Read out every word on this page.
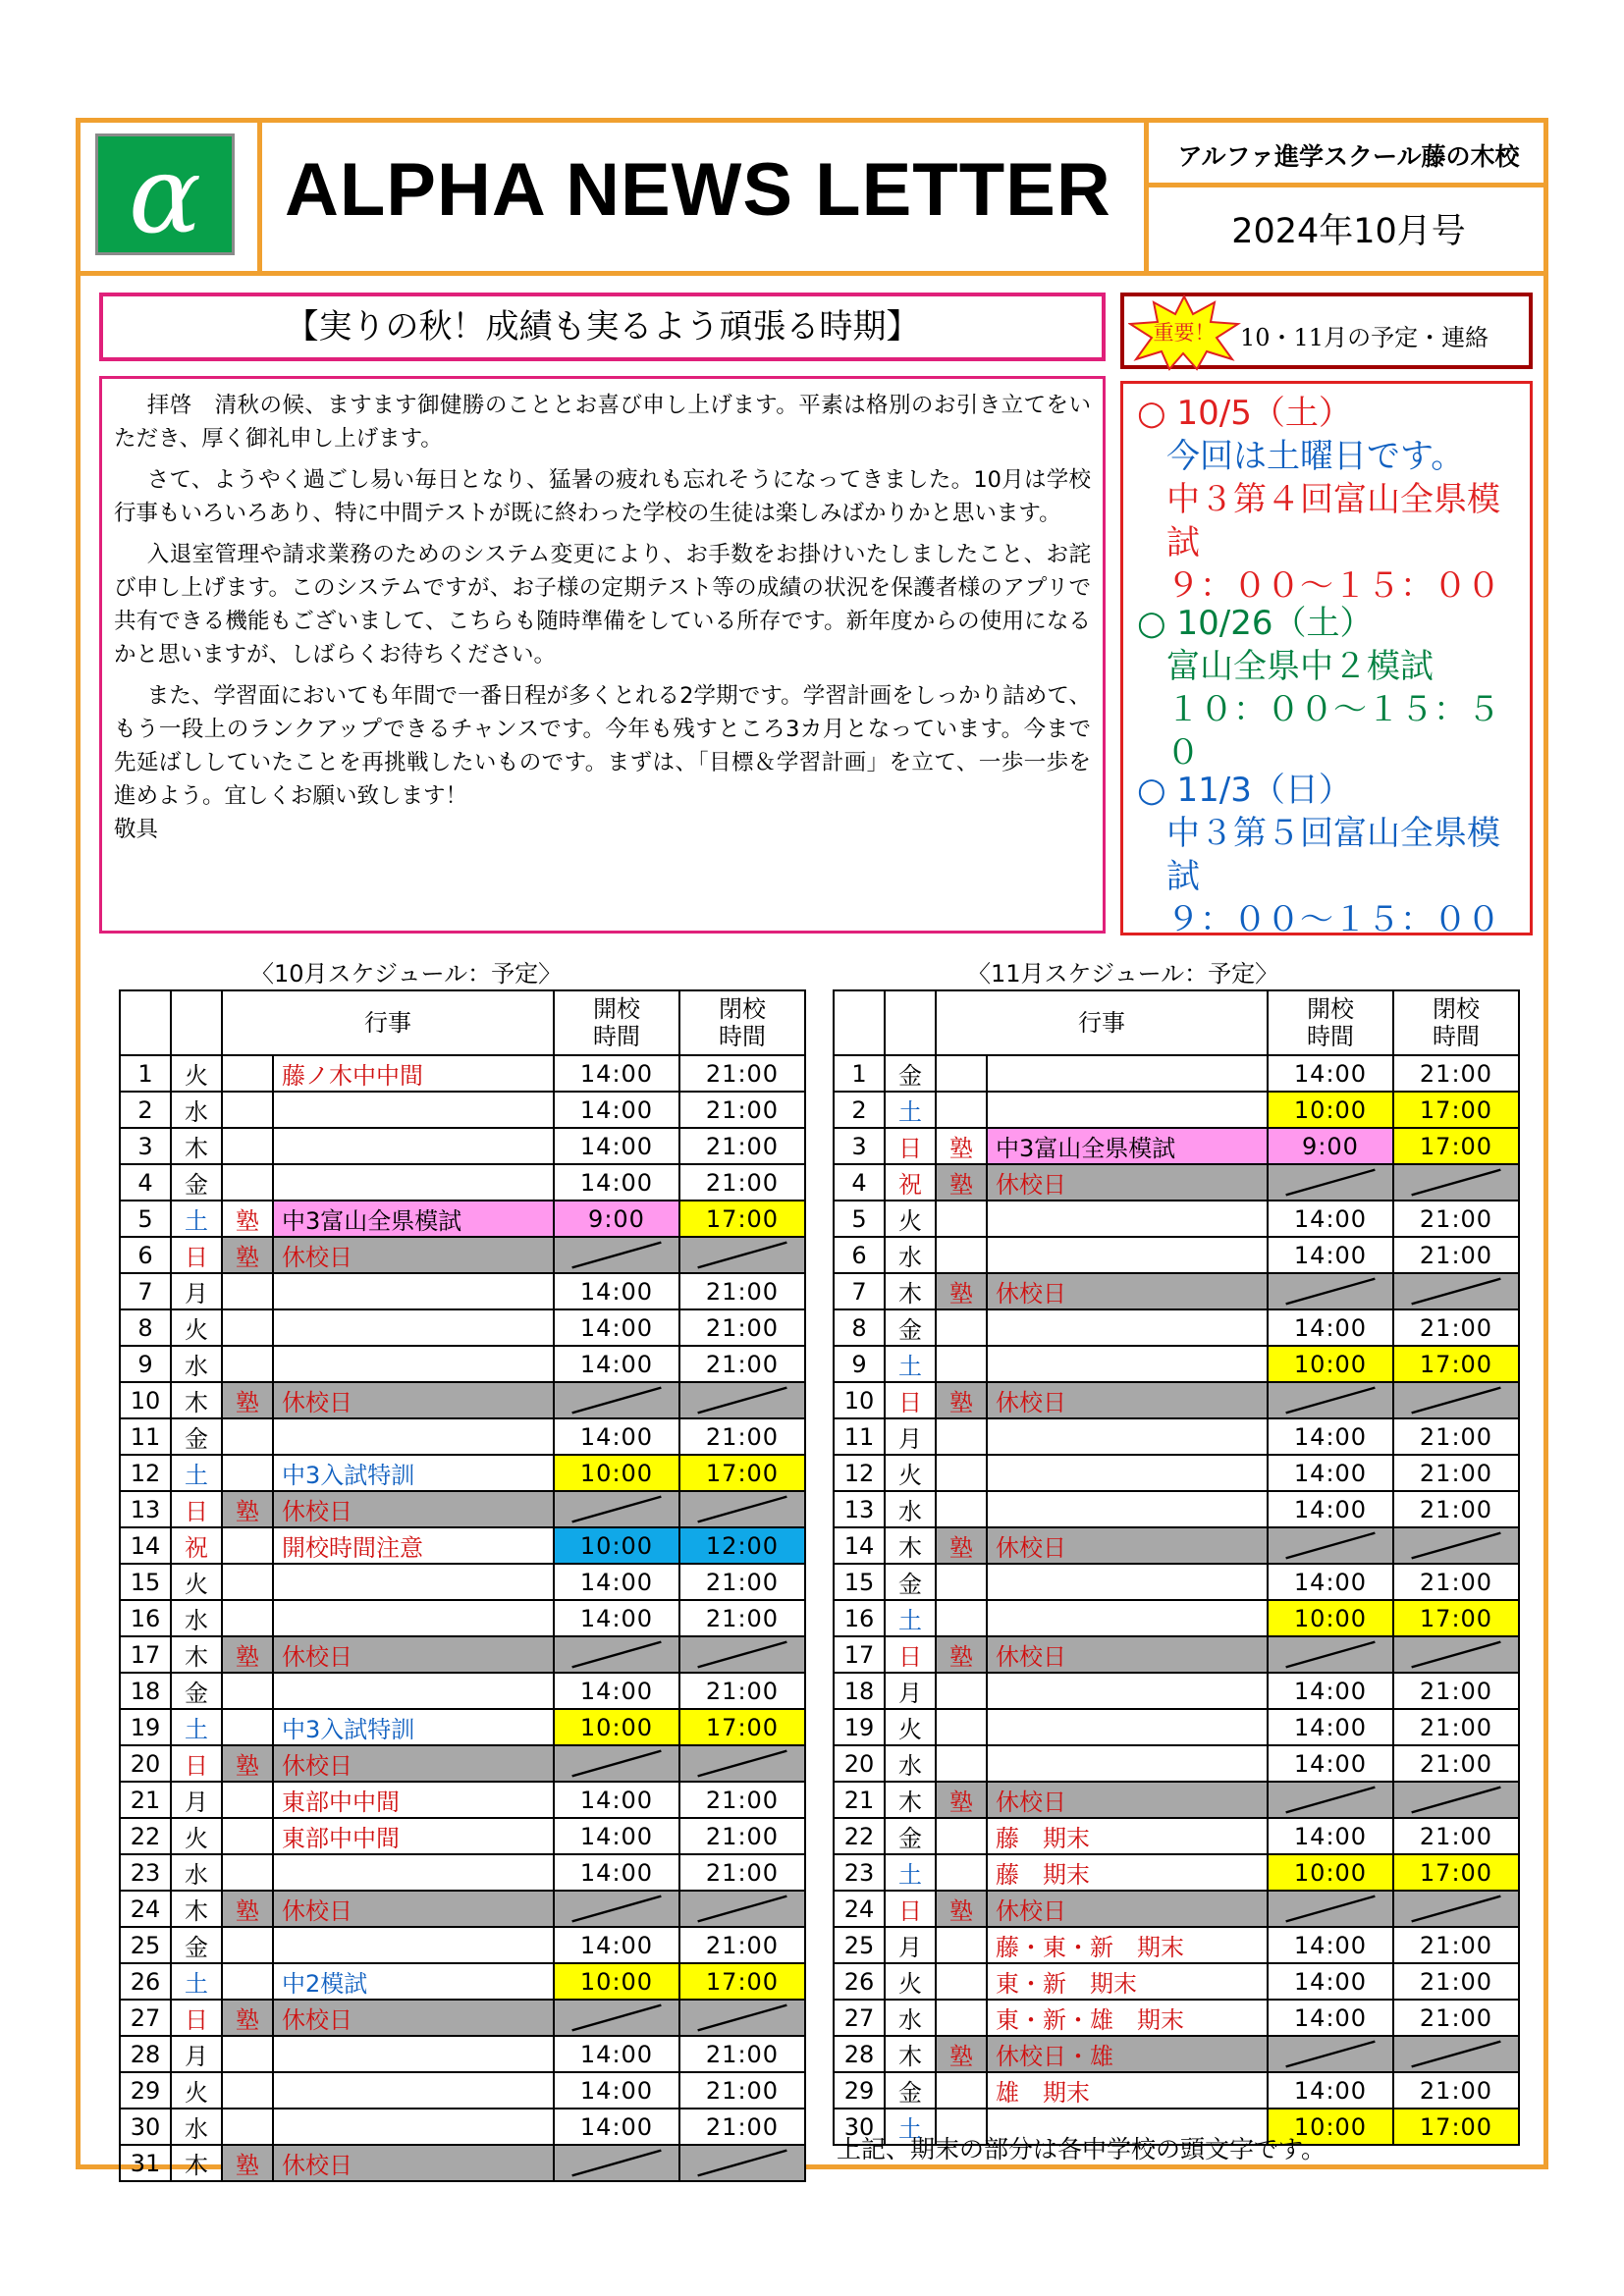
α ALPHA NEWS LETTER	アルファ進学スクール藤の木校
2024年10月号
【実りの秋！成績も実るよう頑張る時期】

拝啓　清秋の候、ますます御健勝のこととお喜び申し上げます。平素は格別のお引き立てをいただき、厚く御礼申し上げます。

さて、ようやく過ごし易い毎日となり、猛暑の疲れも忘れそうになってきました。10月は学校行事もいろいろあり、特に中間テストが既に終わった学校の生徒は楽しみばかりかと思います。

入退室管理や請求業務のためのシステム変更により、お手数をお掛けいたしましたこと、お詫び申し上げます。このシステムですが、お子様の定期テスト等の成績の状況を保護者様のアプリで共有できる機能もございまして、こちらも随時準備をしている所存です。新年度からの使用になるかと思いますが、しばらくお待ちください。

また、学習面においても年間で一番日程が多くとれる2学期です。学習計画をしっかり詰めて、もう一段上のランクアップできるチャンスです。今年も残すところ3カ月となっています。今まで先延ばししていたことを再挑戦したいものです。まずは、「目標＆学習計画」を立て、一歩一歩を進めよう。宜しくお願い致します！

敬具

重要！ 10・11月の予定・連絡
○ 10/5（土）
今回は土曜日です。
中３第４回富山全県模試
９：００～１５：００
○ 10/26（土）
富山全県中２模試
１０：００～１５：５０
○ 11/3（日）
中３第５回富山全県模試
９：００～１５：００
〈10月スケジュール：予定〉	〈11月スケジュール：予定〉
		行事		開校
時間	閉校
時間
1	火		藤ノ木中中間	14:00	21:00
2	水			14:00	21:00
3	木			14:00	21:00
4	金			14:00	21:00
5	土	塾	中3富山全県模試	9:00	17:00
6	日	塾	休校日	

7	月			14:00	21:00
8	火			14:00	21:00
9	水			14:00	21:00
10	木	塾	休校日	

11	金			14:00	21:00
12	土		中3入試特訓	10:00	17:00
13	日	塾	休校日	

14	祝		開校時間注意	10:00	12:00
15	火			14:00	21:00
16	水			14:00	21:00
17	木	塾	休校日	

18	金			14:00	21:00
19	土		中3入試特訓	10:00	17:00
20	日	塾	休校日	

21	月		東部中中間	14:00	21:00
22	火		東部中中間	14:00	21:00
23	水			14:00	21:00
24	木	塾	休校日	

25	金			14:00	21:00
26	土		中2模試	10:00	17:00
27	日	塾	休校日	

28	月			14:00	21:00
29	火			14:00	21:00
30	水			14:00	21:00
31	木	塾	休校日	

		行事		開校
時間	閉校
時間
1	金			14:00	21:00
2	土			10:00	17:00
3	日	塾	中3富山全県模試	9:00	17:00
4	祝	塾	休校日	

5	火			14:00	21:00
6	水			14:00	21:00
7	木	塾	休校日	

8	金			14:00	21:00
9	土			10:00	17:00
10	日	塾	休校日	

11	月			14:00	21:00
12	火			14:00	21:00
13	水			14:00	21:00
14	木	塾	休校日	

15	金			14:00	21:00
16	土			10:00	17:00
17	日	塾	休校日	

18	月			14:00	21:00
19	火			14:00	21:00
20	水			14:00	21:00
21	木	塾	休校日	

22	金		藤　期末	14:00	21:00
23	土		藤　期末	10:00	17:00
24	日	塾	休校日	

25	月		藤・東・新　期末	14:00	21:00
26	火		東・新　期末	14:00	21:00
27	水		東・新・雄　期末	14:00	21:00
28	木	塾	休校日・雄	

29	金		雄　期末	14:00	21:00
30	土			10:00	17:00
上記、期末の部分は各中学校の頭文字です。
